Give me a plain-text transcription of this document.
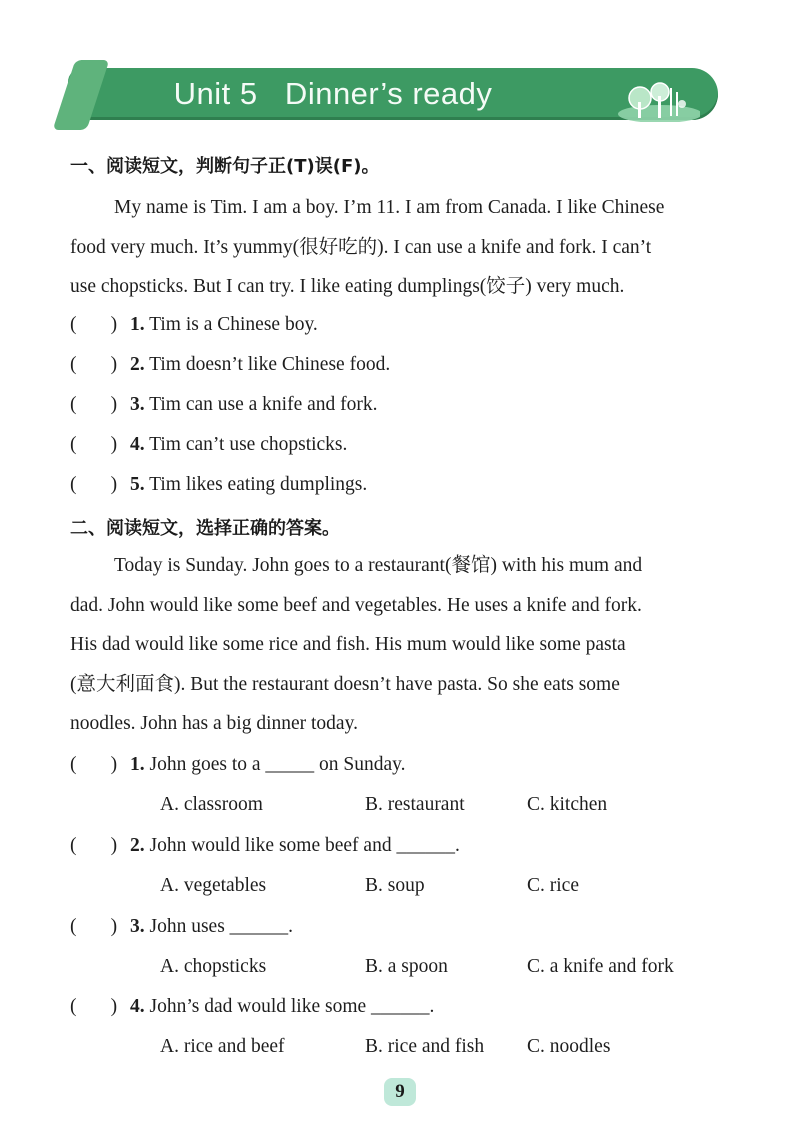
Unit 5   Dinner’s ready
一、阅读短文，判断句子正(T)误(F)。
My name is Tim. I am a boy. I’m 11. I am from Canada. I like Chinese
food very much. It’s yummy(很好吃的). I can use a knife and fork. I can’t
use chopsticks. But I can try. I like eating dumplings(饺子) very much.
(       ) 1. Tim is a Chinese boy.
(       ) 2. Tim doesn’t like Chinese food.
(       ) 3. Tim can use a knife and fork.
(       ) 4. Tim can’t use chopsticks.
(       ) 5. Tim likes eating dumplings.
二、阅读短文，选择正确的答案。
Today is Sunday. John goes to a restaurant(餐馆) with his mum and
dad. John would like some beef and vegetables. He uses a knife and fork.
His dad would like some rice and fish. His mum would like some pasta
(意大利面食). But the restaurant doesn’t have pasta. So she eats some
noodles. John has a big dinner today.
(       ) 1. John goes to a _____ on Sunday.
A. classroom	B. restaurant	C. kitchen
(       ) 2. John would like some beef and ______.
A. vegetables	B. soup	C. rice
(       ) 3. John uses ______.
A. chopsticks	B. a spoon	C. a knife and fork
(       ) 4. John’s dad would like some ______.
A. rice and beef	B. rice and fish C. noodles
9
